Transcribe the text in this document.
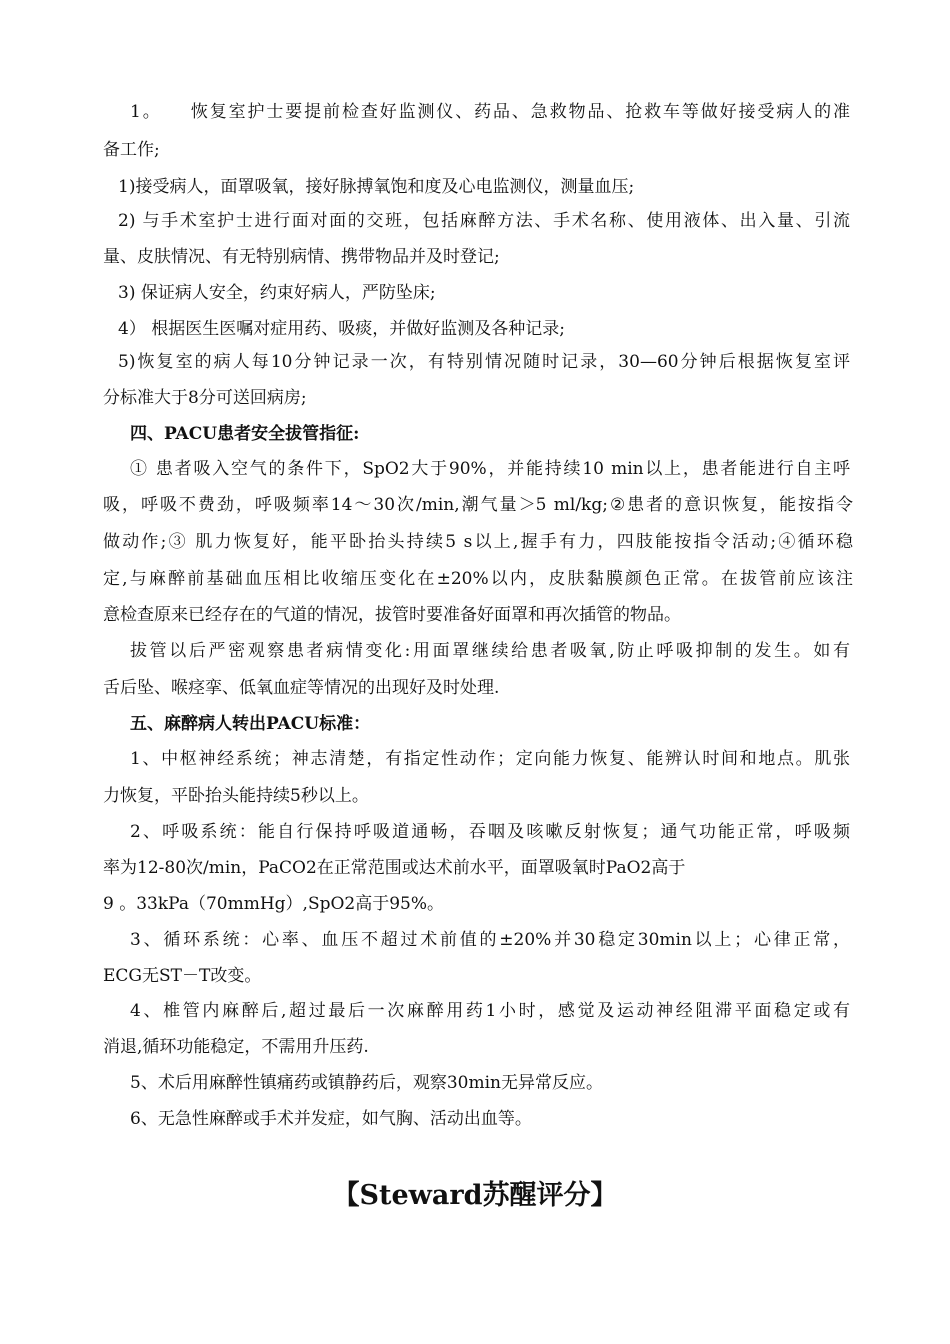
1。　　恢复室护士要提前检查好监测仪、药品、急救物品、抢救车等做好接受病人的准
备工作;
1)接受病人，面罩吸氧，接好脉搏氧饱和度及心电监测仪，测量血压;
2) 与手术室护士进行面对面的交班，包括麻醉方法、手术名称、使用液体、出入量、引流
量、皮肤情况、有无特别病情、携带物品并及时登记;
3) 保证病人安全，约束好病人，严防坠床;
4） 根据医生医嘱对症用药、吸痰，并做好监测及各种记录;
5)恢复室的病人每10分钟记录一次，有特别情况随时记录，30—60分钟后根据恢复室评
分标准大于8分可送回病房;
四、PACU患者安全拔管指征:
① 患者吸入空气的条件下，SpO2大于90%，并能持续10 min以上，患者能进行自主呼
吸，呼吸不费劲，呼吸频率14～30次/min,潮气量＞5 ml/kg;②患者的意识恢复，能按指令
做动作;③ 肌力恢复好，能平卧抬头持续5 s以上,握手有力，四肢能按指令活动;④循环稳
定,与麻醉前基础血压相比收缩压变化在±20%以内，皮肤黏膜颜色正常。在拔管前应该注
意检查原来已经存在的气道的情况，拔管时要准备好面罩和再次插管的物品。
拔管以后严密观察患者病情变化:用面罩继续给患者吸氧,防止呼吸抑制的发生。如有
舌后坠、喉痉挛、低氧血症等情况的出现好及时处理.
五、麻醉病人转出PACU标准：
1、中枢神经系统；神志清楚，有指定性动作；定向能力恢复、能辨认时间和地点。肌张
力恢复，平卧抬头能持续5秒以上。
2、呼吸系统：能自行保持呼吸道通畅，吞咽及咳嗽反射恢复；通气功能正常，呼吸频
率为12-80次/min，PaCO2在正常范围或达术前水平，面罩吸氧时PaO2高于
9 。33kPa（70mmHg）,SpO2高于95%。
3、循环系统：心率、血压不超过术前值的±20%并30稳定30min以上；心律正常，
ECG无ST－T改变。
4、椎管内麻醉后,超过最后一次麻醉用药1小时，感觉及运动神经阻滞平面稳定或有
消退,循环功能稳定，不需用升压药.
5、术后用麻醉性镇痛药或镇静药后，观察30min无异常反应。
6、无急性麻醉或手术并发症，如气胸、活动出血等。
【Steward苏醒评分】
